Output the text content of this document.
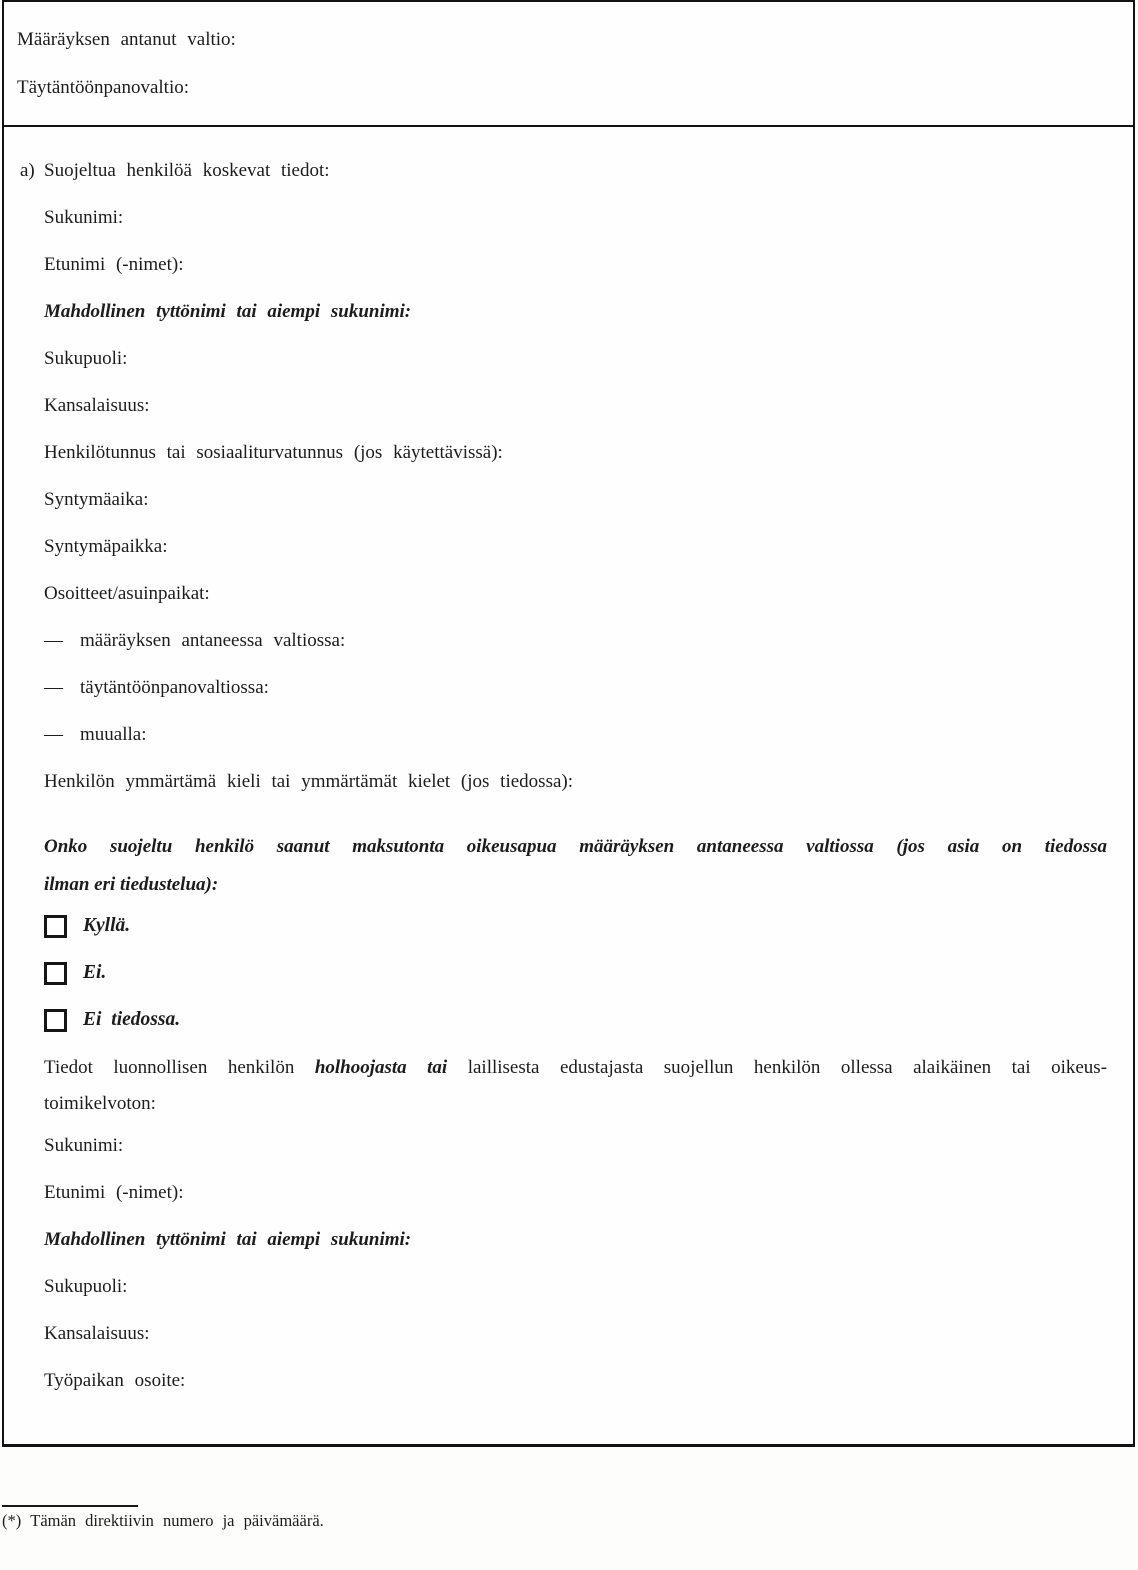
Määräyksen antanut valtio:
Täytäntöönpanovaltio:
a) Suojeltua henkilöä koskevat tiedot:
Sukunimi:
Etunimi (-nimet):
Mahdollinen tyttönimi tai aiempi sukunimi:
Sukupuoli:
Kansalaisuus:
Henkilötunnus tai sosiaaliturvatunnus (jos käytettävissä):
Syntymäaika:
Syntymäpaikka:
Osoitteet/asuinpaikat:
— määräyksen antaneessa valtiossa:
— täytäntöönpanovaltiossa:
— muualla:
Henkilön ymmärtämä kieli tai ymmärtämät kielet (jos tiedossa):
Onko suojeltu henkilö saanut maksutonta oikeusapua määräyksen antaneessa valtiossa (jos asia on tiedossa
ilman eri tiedustelua):
Kyllä.
Ei.
Ei tiedossa.
Tiedot luonnollisen henkilön holhoojasta tai laillisesta edustajasta suojellun henkilön ollessa alaikäinen tai oikeus-
toimikelvoton:
Sukunimi:
Etunimi (-nimet):
Mahdollinen tyttönimi tai aiempi sukunimi:
Sukupuoli:
Kansalaisuus:
Työpaikan osoite:
(*) Tämän direktiivin numero ja päivämäärä.
